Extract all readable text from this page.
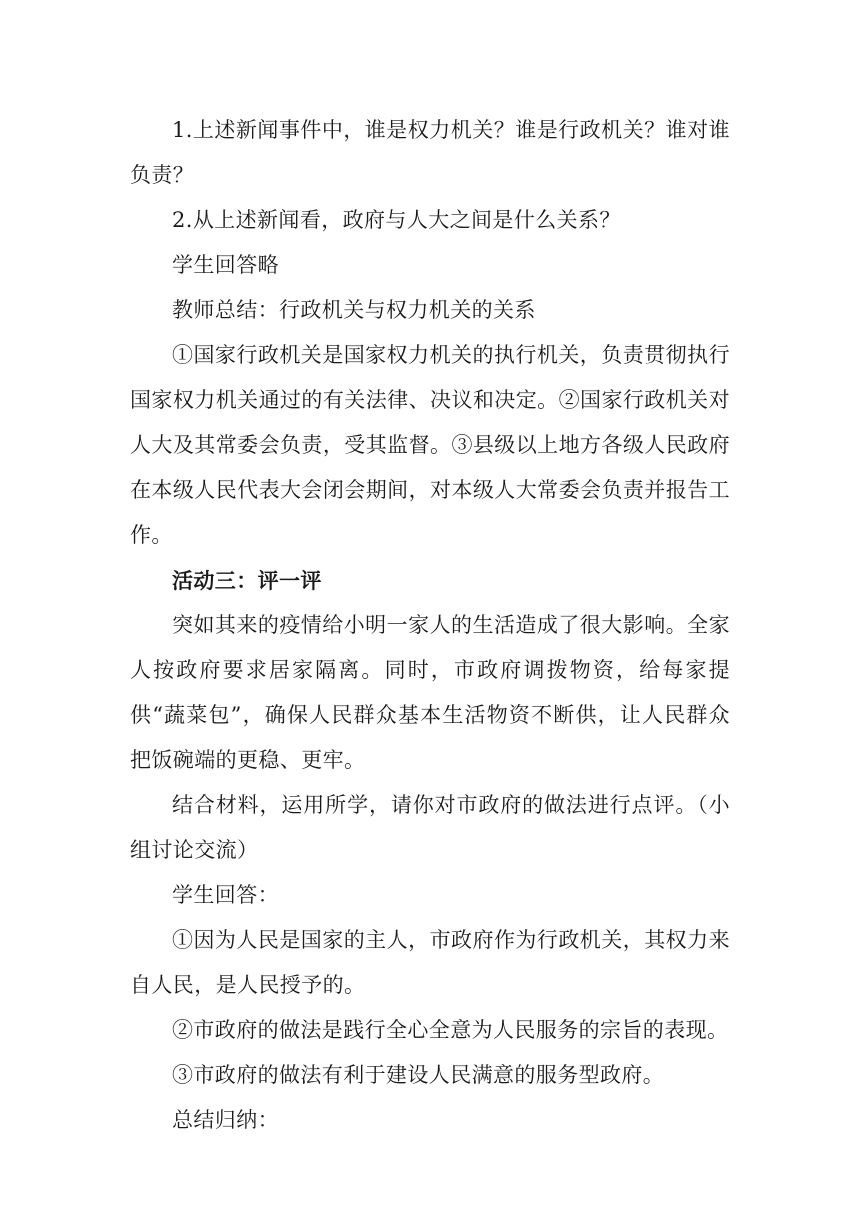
1.上述新闻事件中，谁是权力机关？谁是行政机关？谁对谁负责？

2.从上述新闻看，政府与人大之间是什么关系？

学生回答略

教师总结：行政机关与权力机关的关系

①国家行政机关是国家权力机关的执行机关，负责贯彻执行国家权力机关通过的有关法律、决议和决定。②国家行政机关对人大及其常委会负责，受其监督。③县级以上地方各级人民政府在本级人民代表大会闭会期间，对本级人大常委会负责并报告工作。

活动三：评一评

突如其来的疫情给小明一家人的生活造成了很大影响。全家人按政府要求居家隔离。同时，市政府调拨物资，给每家提供“蔬菜包”，确保人民群众基本生活物资不断供，让人民群众把饭碗端的更稳、更牢。

结合材料，运用所学，请你对市政府的做法进行点评。（小组讨论交流）

学生回答：

①因为人民是国家的主人，市政府作为行政机关，其权力来自人民，是人民授予的。

②市政府的做法是践行全心全意为人民服务的宗旨的表现。

③市政府的做法有利于建设人民满意的服务型政府。

总结归纳：
